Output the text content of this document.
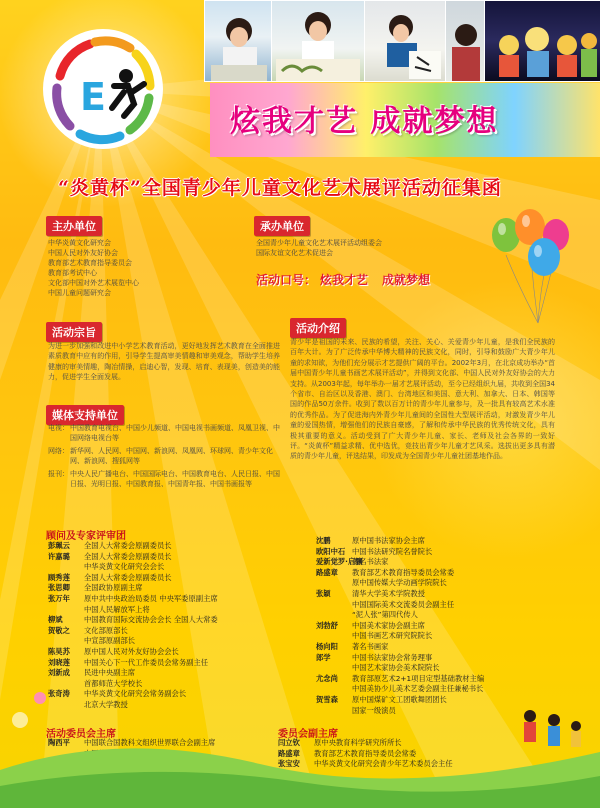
E
炫我才艺 成就梦想
“炎黄杯”全国青少年儿童文化艺术展评活动征集函
主办单位
中华炎黄文化研究会
中国人民对外友好协会
教育部艺术教育指导委员会
教育部考试中心
文化部中国对外艺术展览中心
中国儿童问题研究会
承办单位
全国青少年儿童文化艺术展评活动组委会
国际友谊文化艺术促进会
活动口号： 炫我才艺 成就梦想
活动宗旨
为进一步加强和改进中小学艺术教育活动，更好地发挥艺术教育在全面推进素质教育中应有的作用，引导学生提高审美情趣和审美观念，帮助学生培养健康的审美情趣，陶冶情操，启迪心智，发现、培育、表现美，创造美的能力，促进学生全面发展。
活动介绍
青少年是祖国的未来、民族的希望，关注、关心、关爱青少年儿童，是我们全民族的百年大计。为了广泛传承中华博大精神的民族文化，同时，引导和鼓励广大青少年儿童的求知欲，为他们充分展示才艺提供广阔的平台。2002年3月，在北京成功举办“首届中国青少年儿童书画艺术展评活动”，并得到文化部、中国人民对外友好协会的大力支持。从2003年起，每年举办一届才艺展评活动，至今已经组织九届，共收到全国34个省市、自治区以及香港、澳门、台湾地区和美国、意大利、加拿大、日本、韩国等国的作品50万余件。收到了数以百万计的青少年儿童参与，及一批具有较高艺术水准的优秀作品。为了促进海内外青少年儿童间的全国性大型展评活动，对激发青少年儿童的爱国热情，增强他们的民族自豪感，了解和传承中华民族的优秀传统文化，具有极其重要的意义。活动受到了广大青少年儿童、家长、老师及社会各界的一致好评。“炎黄杯”精益求精、优中选优，竞技出青少年儿童才艺风采。选拔出更多具有潜质的青少年儿童，评选结果，印发成为全国青少年儿童社团基地作品。
媒体支持单位
电视： 中国教育电视台、中国少儿频道、中国电视书画频道、凤凰卫视、中国网络电视台等
网络： 新华网、人民网、中国网、新浪网、凤凰网、环球网、青少年文化网、新浪网、搜狐网等
报刊： 中央人民广播电台、中国国际电台、中国教育电台、人民日报、中国日报、光明日报、中国教育报、中国青年报、中国书画报等
顾问及专家评审团
彭珮云	全国人大常委会原副委员长
许嘉璐	全国人大常委会原副委员长
中华炎黄文化研究会会长
顾秀莲	全国人大常委会原副委员长
张思卿	全国政协原副主席
张万年	原中共中央政治局委员 中央军委原副主席
中国人民解放军上将
柳斌	中国教育国际交流协会会长 全国人大常委
贺敬之	文化部原部长
中宣部原副部长
陈昊苏	原中国人民对外友好协会会长
刘晓莲	中国关心下一代工作委员会常务副主任
刘新成	民进中央副主席
首都师范大学校长
张奇涛	中华炎黄文化研究会常务副会长
北京大学教授
沈鹏	原中国书法家协会主席
欧阳中石 中国书法研究院名誉院长
爱新觉罗·启骧
著名书法家
路盛章	教育部艺术教育指导委员会常委
原中国传媒大学动画学院院长
张颖	清华大学美术学院教授
中国国际美术交流委员会副主任
“泥人张”第四代传人
刘勃舒	中国美术家协会副主席
中国书画艺术研究院院长
杨向阳	著名书画家
郎学	中国书法家协会常务理事
中国艺术家协会美术院院长
尤念尚	教育部原艺术2+1项目定型基础教材主编
中国美协少儿美术艺委会副主任兼秘书长
贺雪森	原中国煤矿文工团歌舞团团长
国家一级演员
活动委员会主席
陶西平	中国联合国教科文组织世界联合会副主席
委员会副主席
闫立钦	原中央教育科学研究所所长
路盛章	教育部艺术教育指导委员会常委
张宝安	中华炎黄文化研究会青少年艺术委员会主任
